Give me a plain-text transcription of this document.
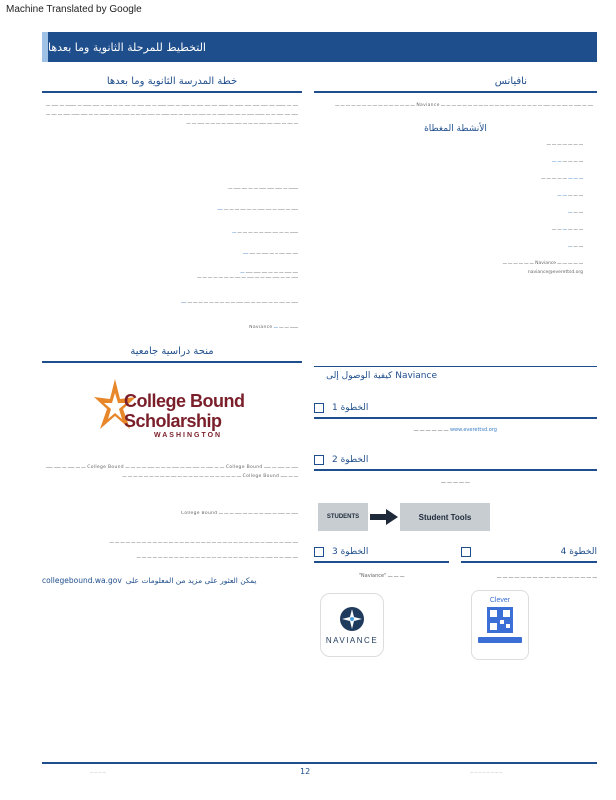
Machine Translated by Google
التخطيط للمرحلة الثانوية وما بعدها
خطة المدرسة الثانوية وما بعدها
ــــ ـــ ـــــــ ــــ ـــــ ـــــ ـــــ ــــــ ـــ ـــــــ ــــ ــــ ـــــ ـــ ــــــ ـــ ـــــ ــــــ ـــ ــــ ـــــ ـــ ــــ ـــ ـــ ـــــ ــ ـــــ ــــــ ـــ ــــــــ ـــ ـــــ ـــ ـــــ ــــ ـــــ ـــ ـــ ـــــــ ـــــ ـــ ــــ ـــــ ــــــ ـــ ـــ ـــــ ــــ ـــــ ـــ ـــــ ــــــ ـــ ـــــ ــــ ـــ ـــ ـــــ ــــ ـــ ـــــــ ـــ ـــ ـــــ ــــــ ـــــ ـــ ــــ ـــ ـــ ــــ ـــ ـــــ ــــ ـــــ ـــ ـــ ـــ ـــــ ـــــ ـــ ـــ ـــ ـــ ـــــ ـــ ـــ
ـــــــ ـــ ـــــ ـــــ ـــــ ـــ ـــ ــــ ـــــ ـــ
ـــــ ـــ ـــــ ـــ ــــ ـــــ ـــ ـــ ــــ ـــ ـــ ـــ ــــ
ــــــ ـــ ـــ ــــ ـــــ ـــ ـــ ـــ ـــ ـــ ـــ
ــــ ــــ ــــ ــ ـــ ـــــ ـــ ــــ ــــ
ــــ ـــــ ـــ ـــ ـــ ــــ ـــــ ـــــ ـــ
ـــــ ـــ ـــ ـــــ ــــ ـــ ـــ ـــــ ـــ ــــ ـــ ـــ ـــ ـــ ـــ ـــ ـــ
ـــــ ـــ ــــ ـــ ـــ ــــ ـــ ـــ ــــ ـــــ ـــ ـــ ـــ ـــ ـــ ـــ ـــ ـــ ـــ ــــ
ــــــ ـــ ـــ ـــ Naviance
منحة دراسية جامعية
College Bound
Scholarship
WASHINGTON
ـــــ ـــ ـــــ ـــ ـــــ College Bound ـــ ـــ ـــــ ـــ ـــــ ــــ ـــ ـــــ ـــ ـــ ـــ ـــــ ـــ ـــ ـــ ـــ College Bound ـــ ـــ ـــــ ـــ ـــــ ـــــ ـــ ـــ ـــــ College Bound ـــ ـــ ـــ ـــ ـــ ـــ ـــ ـــ ـــ ـــ ـــ ـــ ــــ ـــ ـــ ـــ ـــ ـــ ـــ ـــ ـــ ـــ
ـــــ ـــ ـــــ ـــ ـــــ ـــ ـــ ـــ ـــ ـــــ ـــ ـــ ـــ College Bound
ــــ ـــــ ـــ ـــ ـــــ ـــ ـــ ـــ ـــ ـــ ـــ ـــ ـــ ـــ ـــ ـــ ـــ ـــ ـــ ـــ ـــ ـــ ـــ ـــ ـــ ـــ ـــ ـــ ـــ ـــ ـــ ـــ ـــ ـــ
ــــ ـــــ ـــ ـــ ـــــ ـــ ـــ ـــ ـــ ـــ ـــ ـــ ـــ ـــ ـــ ـــ ـــ ـــ ـــ ـــ ـــ ـــ ـــ ـــ ـــ ـــ ـــ ـــ ـــ
collegebound.wa.gov يمكن العثور على مزيد من المعلومات على
نافيانس
ــــ ـــ ـــــ ـــ ــــ ـــ ـــ ـــــ ـــ ـــ ـــ ـــ ـــ ـــ ـــ ـــ ـــ ـــ ـــ ـــ ـــ ـــ ـــ ـــ ـــ ـــ ـــ Naviance ـــ ـــ ـــ ـــ ـــ ـــ ـــ ـــ ـــ ـــ ـــ ـــ ـــ ـــ ـــ
الأنشطة المغطاة
ـــ ـــ ـــ ـــ ـــ ـــ ـــ
ـــ ـــ ـــ ـــ ـــ ـــ
ـــ ـــ ـــ ـــ ـــ ـــ ـــ ـــ
ـــ ـــ ـــ ـــ ـــ
ـــ ـــ ـــ
ـــ ـــ ـــ ـــ ـــ ـــ
ـــ ـــ ـــ
ـــ ـــ ـــ ـــ ـــ Naviance ـــ ـــ ـــ ـــ ـــ ـــ
naviance@everettsd.org
كيفية الوصول إلى Naviance
الخطوة 1
ـــ ـــ ـــ ـــ ـــ ـــ www.everettsd.org
الخطوة 2
ـــ ـــ ـــ ـــ ـــ
STUDENTS	Student Tools
الخطوة 3
"Naviance" ـــ ـــ ـــ
NAVIANCE
الخطوة 4
ـــ ـــ ـــ ـــ ـــ ـــ ـــ ـــ ـــ ـــ ـــ ـــ ـــ ـــ ـــ ـــ ـــ
Clever
12
ـــ ـــ ـــ ـــ	ـــ ـــ ـــ ـــ ـــ ـــ ـــ ـــ
